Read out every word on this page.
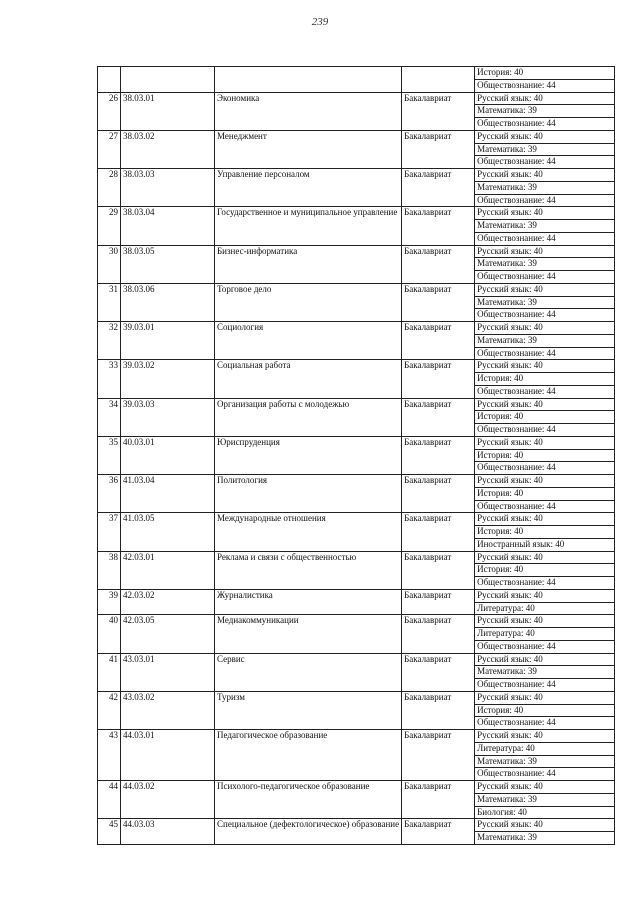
239
				История: 40
				Обществознание: 44
26	38.03.01	Экономика	Бакалавриат	Русский язык: 40
				Математика: 39
				Обществознание: 44
27	38.03.02	Менеджмент	Бакалавриат	Русский язык: 40
				Математика: 39
				Обществознание: 44
28	38.03.03	Управление персоналом	Бакалавриат	Русский язык: 40
				Математика: 39
				Обществознание: 44
29	38.03.04	Государственное и муниципальное управление	Бакалавриат	Русский язык: 40
				Математика: 39
				Обществознание: 44
30	38.03.05	Бизнес-информатика	Бакалавриат	Русский язык: 40
				Математика: 39
				Обществознание: 44
31	38.03.06	Торговое дело	Бакалавриат	Русский язык: 40
				Математика: 39
				Обществознание: 44
32	39.03.01	Социология	Бакалавриат	Русский язык: 40
				Математика: 39
				Обществознание: 44
33	39.03.02	Социальная работа	Бакалавриат	Русский язык: 40
				История: 40
				Обществознание: 44
34	39.03.03	Организация работы с молодежью	Бакалавриат	Русский язык: 40
				История: 40
				Обществознание: 44
35	40.03.01	Юриспруденция	Бакалавриат	Русский язык: 40
				История: 40
				Обществознание: 44
36	41.03.04	Политология	Бакалавриат	Русский язык: 40
				История: 40
				Обществознание: 44
37	41.03.05	Международные отношения	Бакалавриат	Русский язык: 40
				История: 40
				Иностранный язык: 40
38	42.03.01	Реклама и связи с общественностью	Бакалавриат	Русский язык: 40
				История: 40
				Обществознание: 44
39	42.03.02	Журналистика	Бакалавриат	Русский язык: 40
				Литература: 40
40	42.03.05	Медиакоммуникации	Бакалавриат	Русский язык: 40
				Литература: 40
				Обществознание: 44
41	43.03.01	Сервис	Бакалавриат	Русский язык: 40
				Математика: 39
				Обществознание: 44
42	43.03.02	Туризм	Бакалавриат	Русский язык: 40
				История: 40
				Обществознание: 44
43	44.03.01	Педагогическое образование	Бакалавриат	Русский язык: 40
				Литература: 40
				Математика: 39
				Обществознание: 44
44	44.03.02	Психолого-педагогическое образование	Бакалавриат	Русский язык: 40
				Математика: 39
				Биология: 40
45	44.03.03	Специальное (дефектологическое) образование	Бакалавриат	Русский язык: 40
				Математика: 39
